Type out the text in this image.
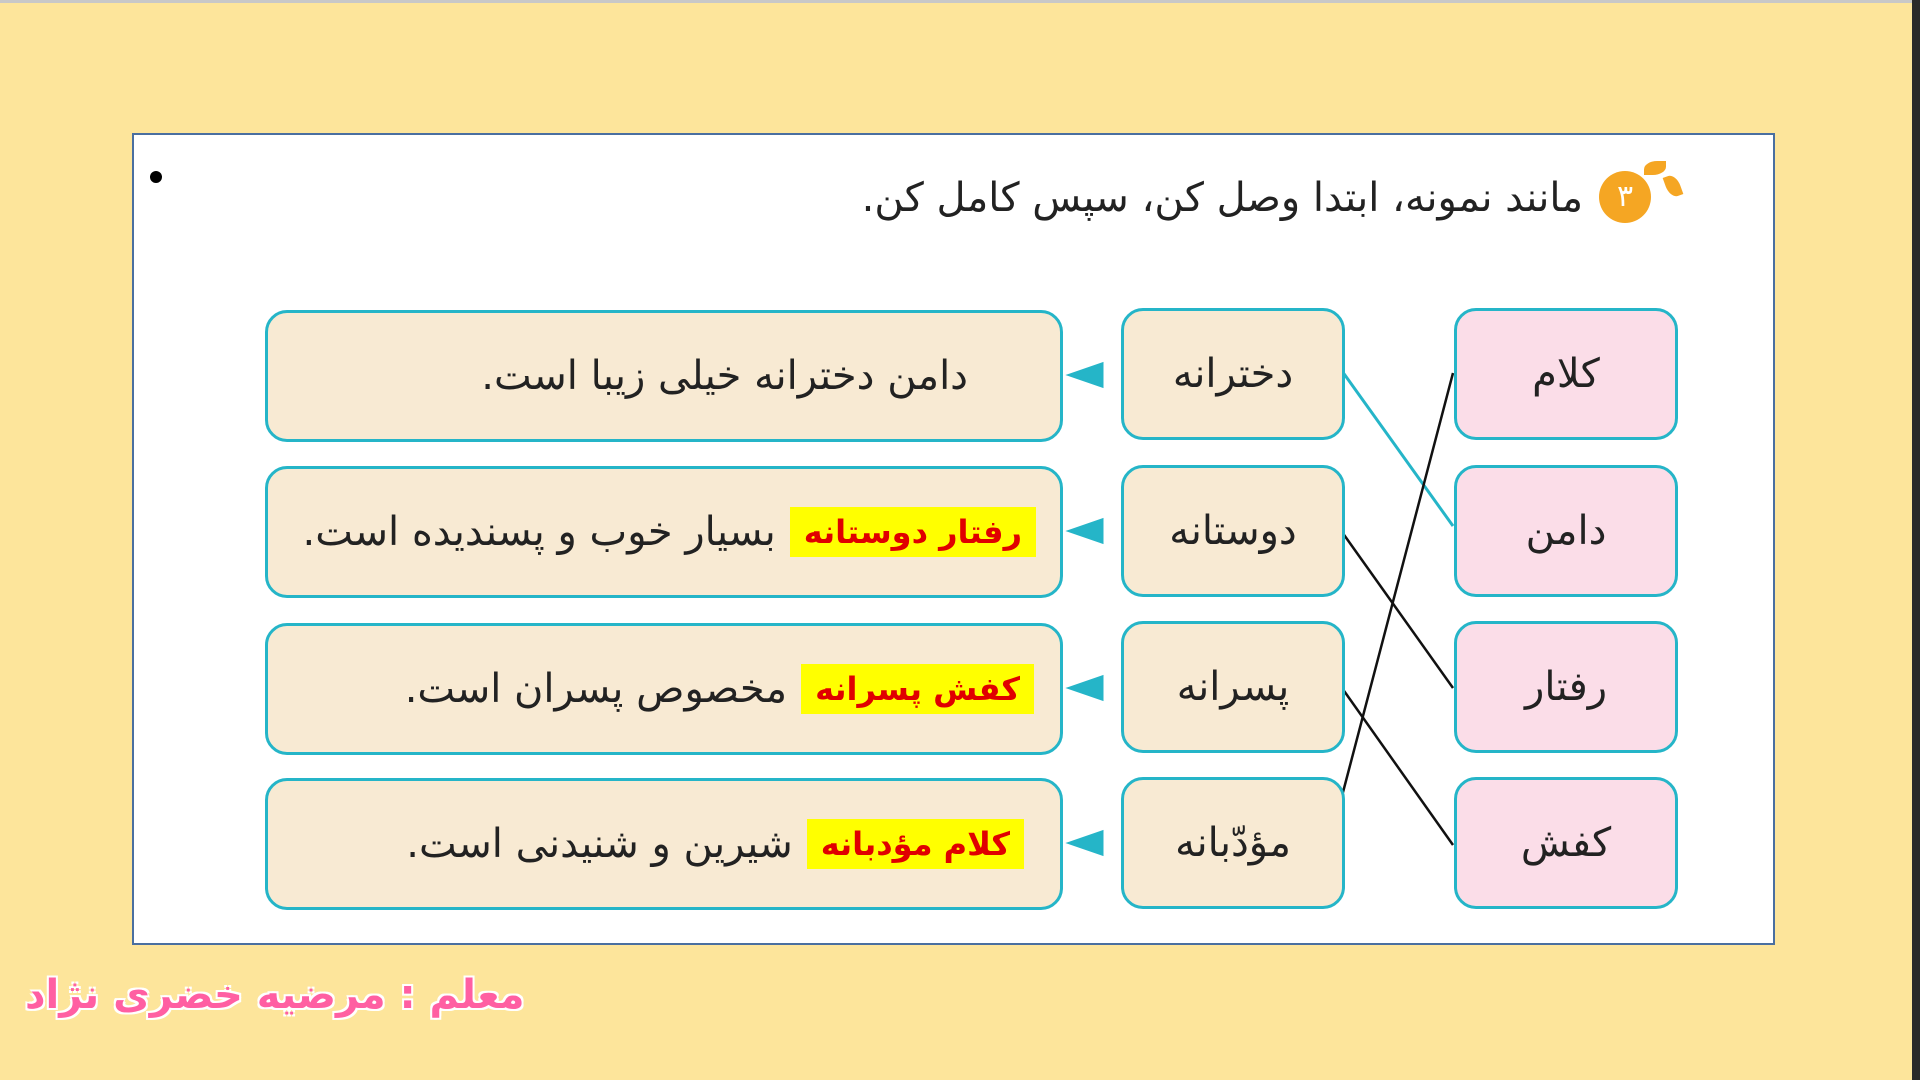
۳
مانند نمونه، ابتدا وصل کن، سپس کامل کن.
کلام
دامن
رفتار
کفش
دخترانه
دوستانه
پسرانه
مؤدّبانه
دامن دخترانه خیلی زیبا است.
رفتار دوستانه
بسیار خوب و پسندیده است.
کفش پسرانه
مخصوص پسران است.
کلام مؤدبانه
شیرین و شنیدنی است.
معلم : مرضیه خضری نژاد
